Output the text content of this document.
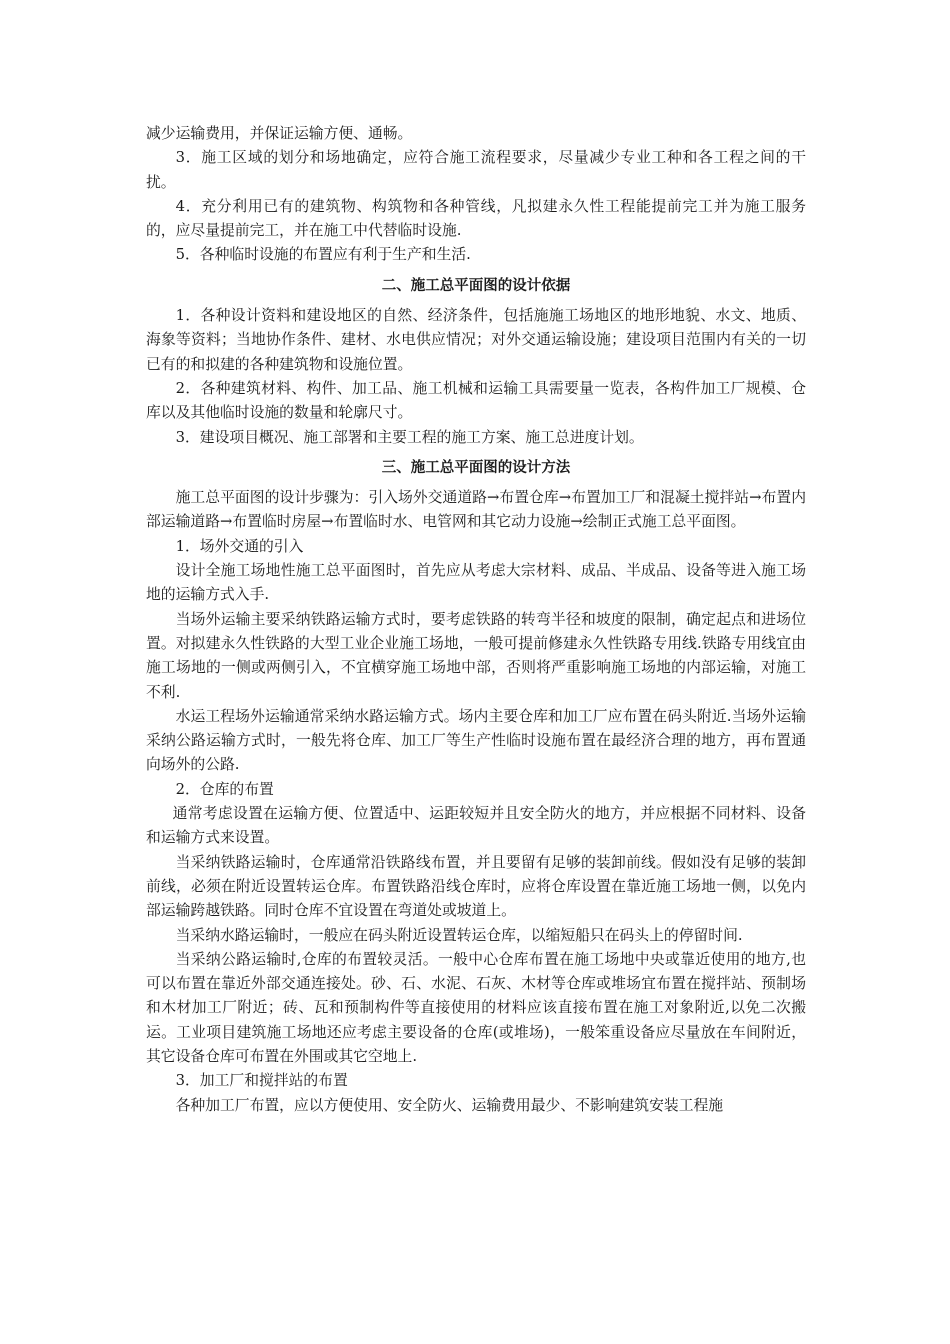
减少运输费用，并保证运输方便、通畅。

3．施工区域的划分和场地确定，应符合施工流程要求，尽量减少专业工种和各工程之间的干扰。

4．充分利用已有的建筑物、构筑物和各种管线，凡拟建永久性工程能提前完工并为施工服务的，应尽量提前完工，并在施工中代替临时设施.

5．各种临时设施的布置应有利于生产和生活.

二、施工总平面图的设计依据

1．各种设计资料和建设地区的自然、经济条件，包括施施工场地区的地形地貌、水文、地质、海象等资料；当地协作条件、建材、水电供应情况；对外交通运输设施；建设项目范围内有关的一切已有的和拟建的各种建筑物和设施位置。

2．各种建筑材料、构件、加工品、施工机械和运输工具需要量一览表，各构件加工厂规模、仓库以及其他临时设施的数量和轮廓尺寸。

3．建设项目概况、施工部署和主要工程的施工方案、施工总进度计划。

三、施工总平面图的设计方法

施工总平面图的设计步骤为：引入场外交通道路→布置仓库→布置加工厂和混凝土搅拌站→布置内部运输道路→布置临时房屋→布置临时水、电管网和其它动力设施→绘制正式施工总平面图。

1．场外交通的引入

设计全施工场地性施工总平面图时，首先应从考虑大宗材料、成品、半成品、设备等进入施工场地的运输方式入手.

当场外运输主要采纳铁路运输方式时，要考虑铁路的转弯半径和坡度的限制，确定起点和进场位置。对拟建永久性铁路的大型工业企业施工场地，一般可提前修建永久性铁路专用线.铁路专用线宜由施工场地的一侧或两侧引入，不宜横穿施工场地中部，否则将严重影响施工场地的内部运输，对施工不利.

水运工程场外运输通常采纳水路运输方式。场内主要仓库和加工厂应布置在码头附近.当场外运输采纳公路运输方式时，一般先将仓库、加工厂等生产性临时设施布置在最经济合理的地方，再布置通向场外的公路.

2．仓库的布置

通常考虑设置在运输方便、位置适中、运距较短并且安全防火的地方，并应根据不同材料、设备和运输方式来设置。

当采纳铁路运输时，仓库通常沿铁路线布置，并且要留有足够的装卸前线。假如没有足够的装卸前线，必须在附近设置转运仓库。布置铁路沿线仓库时，应将仓库设置在靠近施工场地一侧，以免内部运输跨越铁路。同时仓库不宜设置在弯道处或坡道上。

当采纳水路运输时，一般应在码头附近设置转运仓库，以缩短船只在码头上的停留时间.

当采纳公路运输时,仓库的布置较灵活。一般中心仓库布置在施工场地中央或靠近使用的地方,也可以布置在靠近外部交通连接处。砂、石、水泥、石灰、木材等仓库或堆场宜布置在搅拌站、预制场和木材加工厂附近；砖、瓦和预制构件等直接使用的材料应该直接布置在施工对象附近,以免二次搬运。工业项目建筑施工场地还应考虑主要设备的仓库(或堆场)，一般笨重设备应尽量放在车间附近，其它设备仓库可布置在外围或其它空地上.

3．加工厂和搅拌站的布置

各种加工厂布置，应以方便使用、安全防火、运输费用最少、不影响建筑安装工程施
